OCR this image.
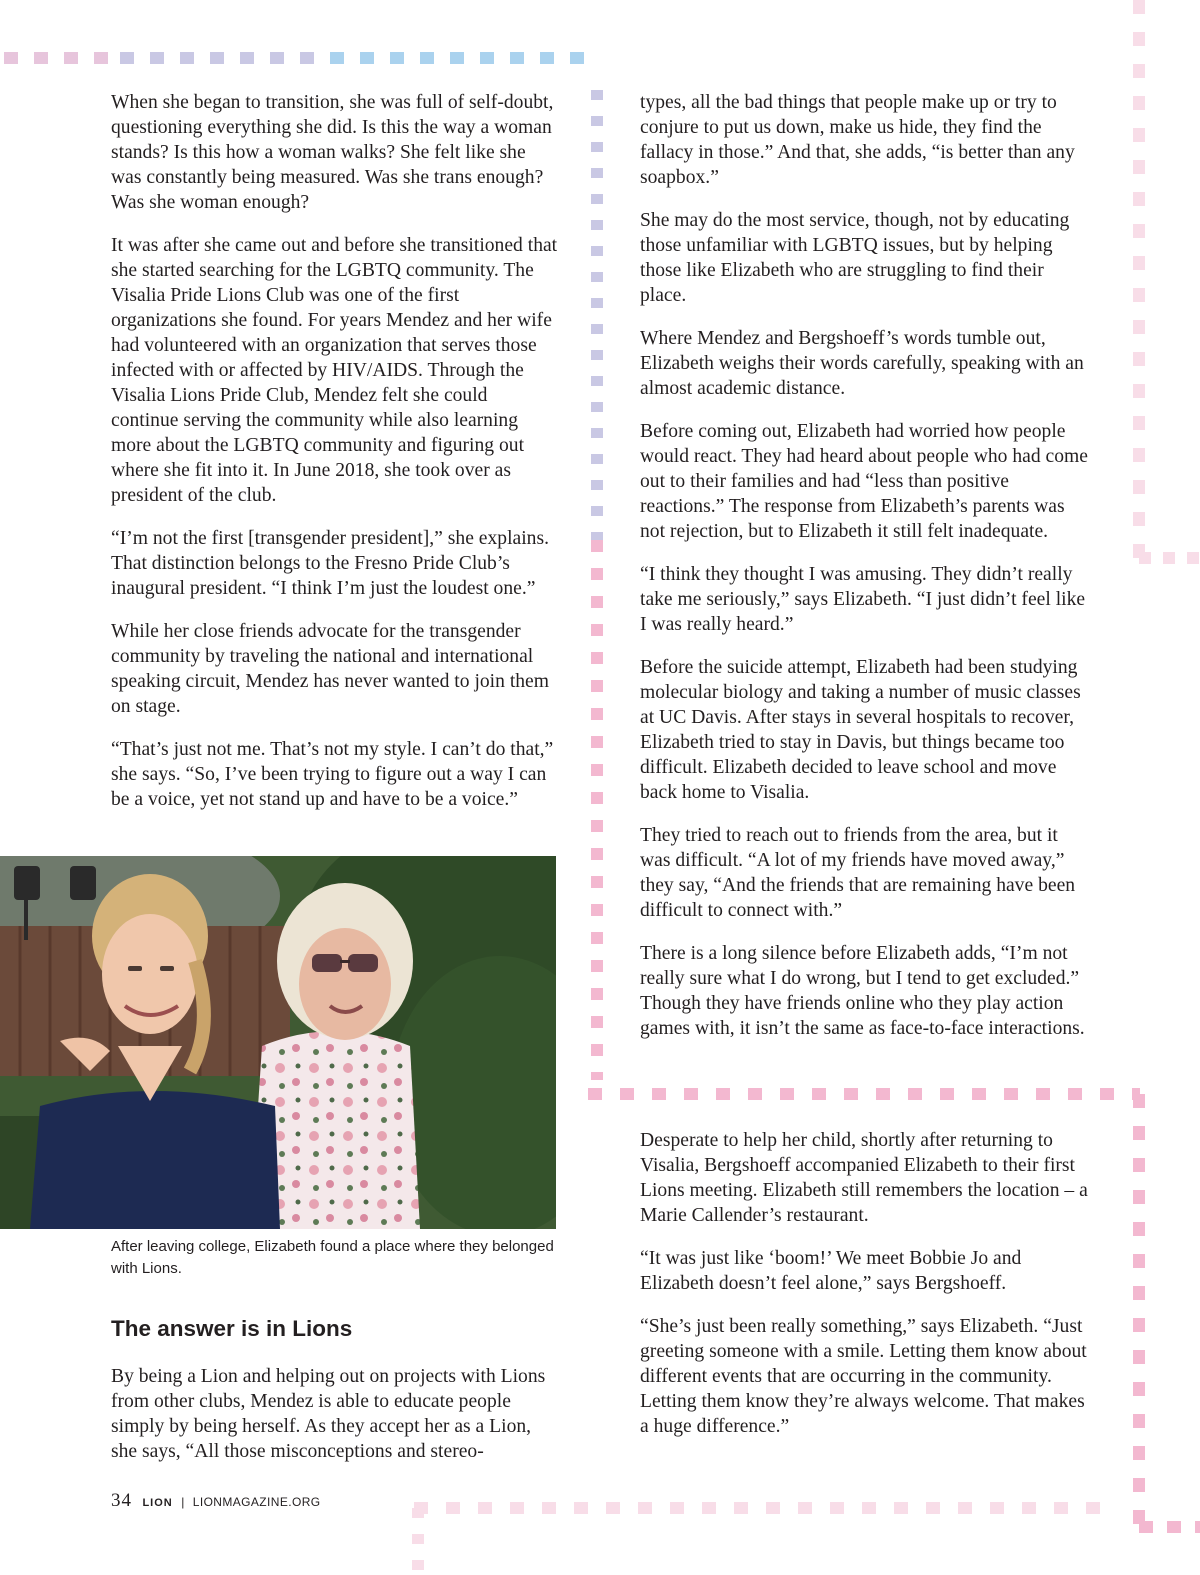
When she began to transition, she was full of self-doubt, questioning everything she did. Is this the way a woman stands? Is this how a woman walks? She felt like she was constantly being measured. Was she trans enough? Was she woman enough?

It was after she came out and before she transitioned that she started searching for the LGBTQ community. The Visalia Pride Lions Club was one of the first organizations she found. For years Mendez and her wife had volunteered with an organization that serves those infected with or affected by HIV/AIDS. Through the Visalia Lions Pride Club, Mendez felt she could continue serving the community while also learning more about the LGBTQ community and figuring out where she fit into it. In June 2018, she took over as president of the club.

“I’m not the first [transgender president],” she explains. That distinction belongs to the Fresno Pride Club’s inaugural president. “I think I’m just the loudest one.”

While her close friends advocate for the transgender community by traveling the national and international speaking circuit, Mendez has never wanted to join them on stage.

“That’s just not me. That’s not my style. I can’t do that,” she says. “So, I’ve been trying to figure out a way I can be a voice, yet not stand up and have to be a voice.”

After leaving college, Elizabeth found a place where they belonged with Lions.
The answer is in Lions

By being a Lion and helping out on projects with Lions from other clubs, Mendez is able to educate people simply by being herself. As they accept her as a Lion, she says, “All those misconceptions and stereo-

types, all the bad things that people make up or try to conjure to put us down, make us hide, they find the fallacy in those.” And that, she adds, “is better than any soapbox.”

She may do the most service, though, not by educating those unfamiliar with LGBTQ issues, but by helping those like Elizabeth who are struggling to find their place.

Where Mendez and Bergshoeff’s words tumble out, Elizabeth weighs their words carefully, speaking with an almost academic distance.

Before coming out, Elizabeth had worried how people would react. They had heard about people who had come out to their families and had “less than positive reactions.” The response from Elizabeth’s parents was not rejection, but to Elizabeth it still felt inadequate.

“I think they thought I was amusing. They didn’t really take me seriously,” says Elizabeth. “I just didn’t feel like I was really heard.”

Before the suicide attempt, Elizabeth had been studying molecular biology and taking a number of music classes at UC Davis. After stays in several hospitals to recover, Elizabeth tried to stay in Davis, but things became too difficult. Elizabeth decided to leave school and move back home to Visalia.

They tried to reach out to friends from the area, but it was difficult. “A lot of my friends have moved away,” they say, “And the friends that are remaining have been difficult to connect with.”

There is a long silence before Elizabeth adds, “I’m not really sure what I do wrong, but I tend to get excluded.” Though they have friends online who they play action games with, it isn’t the same as face-to-face interactions.

Desperate to help her child, shortly after returning to Visalia, Bergshoeff accompanied Elizabeth to their first Lions meeting. Elizabeth still remembers the location – a Marie Callender’s restaurant.

“It was just like ‘boom!’ We meet Bobbie Jo and Elizabeth doesn’t feel alone,” says Bergshoeff.

“She’s just been really something,” says Elizabeth. “Just greeting someone with a smile. Letting them know about different events that are occurring in the community. Letting them know they’re always welcome. That makes a huge difference.”

34 LION | LIONMAGAZINE.ORG
